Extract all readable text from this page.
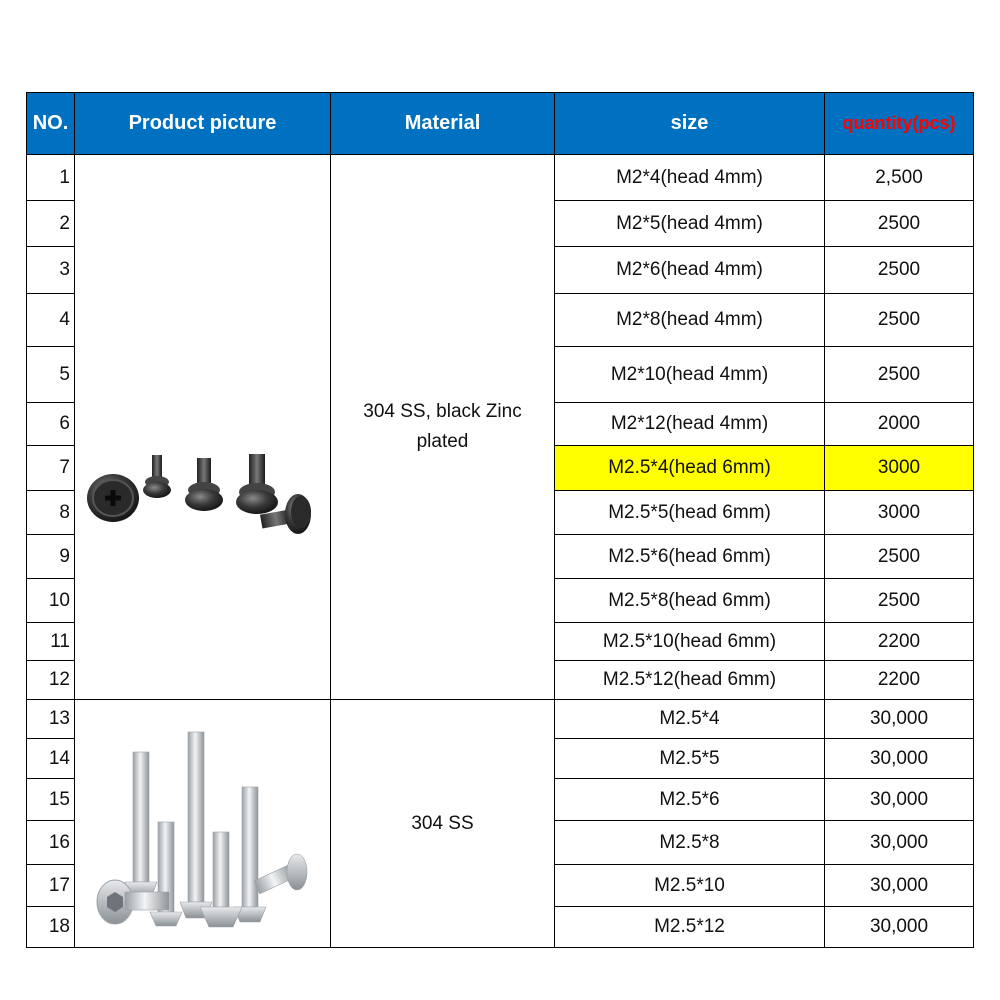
NO.	Product picture	Material	size	quantity(pcs)
1		304 SS, black Zinc plated	M2*4(head 4mm)	2,500
2			M2*5(head 4mm)	2500
3			M2*6(head 4mm)	2500
4			M2*8(head 4mm)	2500
5			M2*10(head 4mm)	2500
6			M2*12(head 4mm)	2000
7			M2.5*4(head 6mm)	3000
8			M2.5*5(head 6mm)	3000
9			M2.5*6(head 6mm)	2500
10			M2.5*8(head 6mm)	2500
11			M2.5*10(head 6mm)	2200
12			M2.5*12(head 6mm)	2200
13		304 SS	M2.5*4	30,000
14			M2.5*5	30,000
15			M2.5*6	30,000
16			M2.5*8	30,000
17			M2.5*10	30,000
18			M2.5*12	30,000
